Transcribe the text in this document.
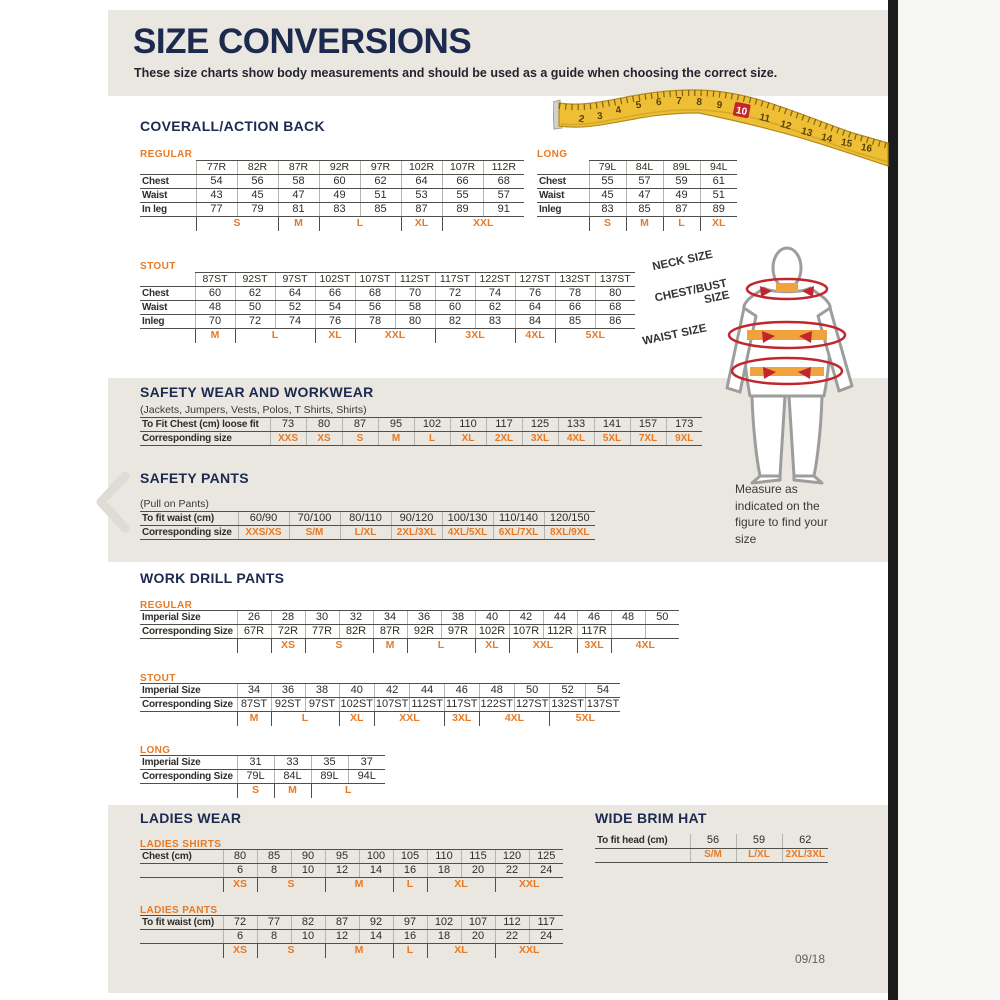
SIZE CONVERSIONS
These size charts show body measurements and should be used as a guide when choosing the correct size.
2 3 4 5 6 7 8 9 10
11
12
13 14 15 16
COVERALL/ACTION BACK
REGULAR
	77R	82R	87R	92R	97R	102R	107R	112R
Chest	54	56	58	60	62	64	66	68
Waist	43	45	47	49	51	53	55	57
In leg	77	79	81	83	85	87	89	91
	S		M	L		XL	XXL	
LONG
	79L	84L	89L	94L
Chest	55	57	59	61
Waist	45	47	49	51
Inleg	83	85	87	89
	S	M	L	XL
STOUT
	87ST	92ST	97ST	102ST	107ST	112ST	117ST	122ST	127ST	132ST	137ST
Chest	60	62	64	66	68	70	72	74	76	78	80
Waist	48	50	52	54	56	58	60	62	64	66	68
Inleg	70	72	74	76	78	80	82	83	84	85	86
	M	L		XL	XXL		3XL		4XL	5XL	
NECK SIZE
CHEST/BUST SIZE
WAIST SIZE
Measure as indicated on the figure to find your size
SAFETY WEAR AND WORKWEAR
(Jackets, Jumpers, Vests, Polos, T Shirts, Shirts)
To Fit Chest (cm) loose fit	73	80	87	95	102	110	117	125	133	141	157	173
Corresponding size	XXS	XS	S	M	L	XL	2XL	3XL	4XL	5XL	7XL	9XL
SAFETY PANTS
(Pull on Pants)
To fit waist (cm)	60/90	70/100	80/110	90/120	100/130	110/140	120/150
Corresponding size	XXS/XS	S/M	L/XL	2XL/3XL	4XL/5XL	6XL/7XL	8XL/9XL
WORK DRILL PANTS
REGULAR
Imperial Size	26	28	30	32	34	36	38	40	42	44	46	48	50
Corresponding Size	67R	72R	77R	82R	87R	92R	97R	102R	107R	112R	117R		
		XS	S		M	L		XL	XXL		3XL	4XL	
STOUT
Imperial Size	34	36	38	40	42	44	46	48	50	52	54
Corresponding Size	87ST	92ST	97ST	102ST	107ST	112ST	117ST	122ST	127ST	132ST	137ST
	M	L		XL	XXL		3XL	4XL		5XL	
LONG
Imperial Size	31	33	35	37
Corresponding Size	79L	84L	89L	94L
	S	M	L	
LADIES WEAR
LADIES SHIRTS
Chest (cm)	80	85	90	95	100	105	110	115	120	125
	6	8	10	12	14	16	18	20	22	24
	XS	S		M		L	XL		XXL	
LADIES PANTS
To fit waist (cm)	72	77	82	87	92	97	102	107	112	117
	6	8	10	12	14	16	18	20	22	24
	XS	S		M		L	XL		XXL	
WIDE BRIM HAT
To fit head (cm)	56	59	62
	S/M	L/XL	2XL/3XL
09/18
